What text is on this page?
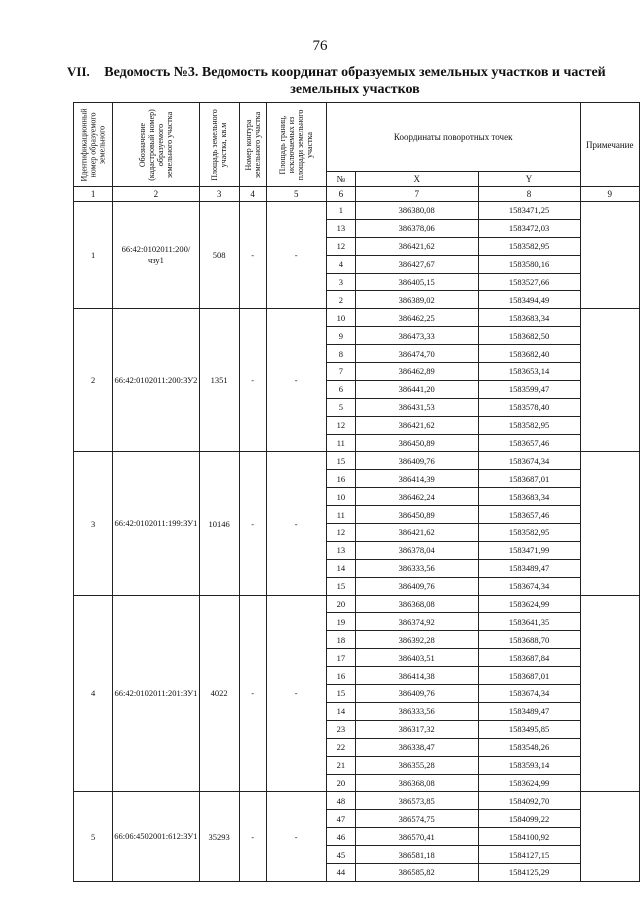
76
VII.	Ведомость №3. Ведомость координат образуемых земельных участков и частей земельных участков
Идентификационный номер образуемого земельного	Обозначение (кадастровый номер) образуемого земельного участка	Площадь земельного участка, кв.м	Номер контура земельного участка	Площадь границ, исключаемых из площади земельного участка	Координаты поворотных точек			Примечание
					№	X	Y	
1	2	3	4	5	6	7	8	9
1	66:42:0102011:200/чзу1	508	-	-	1	386380,08	1583471,25	
					13	386378,06	1583472,03	
					12	386421,62	1583582,95	
					4	386427,67	1583580,16	
					3	386405,15	1583527,66	
					2	386389,02	1583494,49	
2	66:42:0102011:200:ЗУ2	1351	-	-	10	386462,25	1583683,34	
					9	386473,33	1583682,50	
					8	386474,70	1583682,40	
					7	386462,89	1583653,14	
					6	386441,20	1583599,47	
					5	386431,53	1583578,40	
					12	386421,62	1583582,95	
					11	386450,89	1583657,46	
3	66:42:0102011:199:ЗУ1	10146	-	-	15	386409,76	1583674,34	
					16	386414,39	1583687,01	
					10	386462,24	1583683,34	
					11	386450,89	1583657,46	
					12	386421,62	1583582,95	
					13	386378,04	1583471,99	
					14	386333,56	1583489,47	
					15	386409,76	1583674,34	
4	66:42:0102011:201:ЗУ1	4022	-	-	20	386368,08	1583624,99	
					19	386374,92	1583641,35	
					18	386392,28	1583688,70	
					17	386403,51	1583687,84	
					16	386414,38	1583687,01	
					15	386409,76	1583674,34	
					14	386333,56	1583489,47	
					23	386317,32	1583495,85	
					22	386338,47	1583548,26	
					21	386355,28	1583593,14	
					20	386368,08	1583624,99	
5	66:06:4502001:612:ЗУ1	35293	-	-	48	386573,85	1584092,70	
					47	386574,75	1584099,22	
					46	386570,41	1584100,92	
					45	386581,18	1584127,15	
					44	386585,82	1584125,29	
